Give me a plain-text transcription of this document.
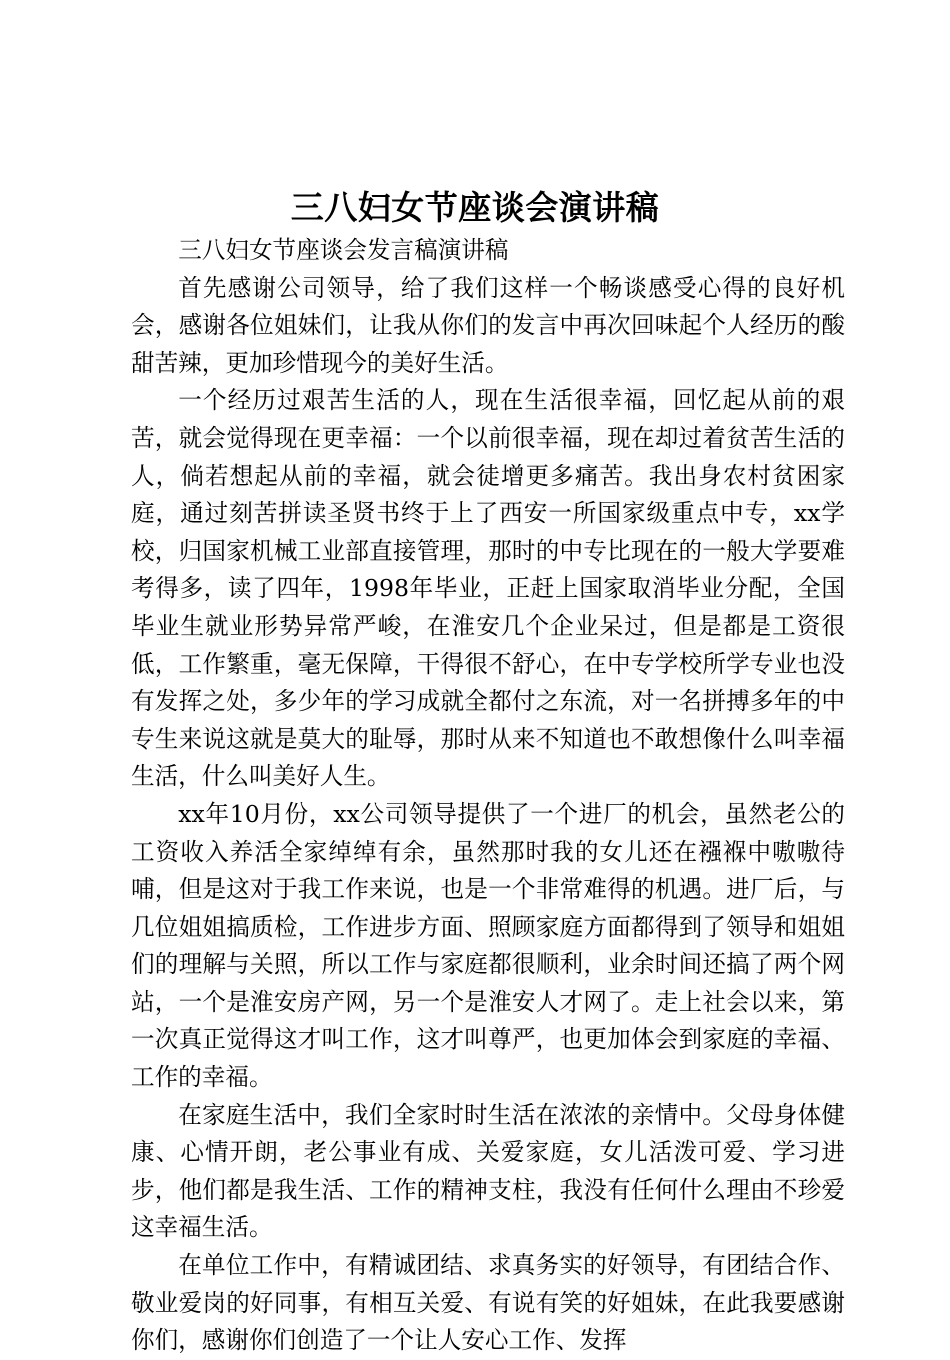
三八妇女节座谈会演讲稿

三八妇女节座谈会发言稿演讲稿

首先感谢公司领导，给了我们这样一个畅谈感受心得的良好机会，感谢各位姐妹们，让我从你们的发言中再次回味起个人经历的酸甜苦辣，更加珍惜现今的美好生活。

一个经历过艰苦生活的人，现在生活很幸福，回忆起从前的艰苦，就会觉得现在更幸福：一个以前很幸福，现在却过着贫苦生活的人，倘若想起从前的幸福，就会徒增更多痛苦。我出身农村贫困家庭，通过刻苦拼读圣贤书终于上了西安一所国家级重点中专，xx学校，归国家机械工业部直接管理，那时的中专比现在的一般大学要难考得多，读了四年，1998年毕业，正赶上国家取消毕业分配，全国毕业生就业形势异常严峻，在淮安几个企业呆过，但是都是工资很低，工作繁重，毫无保障，干得很不舒心，在中专学校所学专业也没有发挥之处，多少年的学习成就全都付之东流，对一名拼搏多年的中专生来说这就是莫大的耻辱，那时从来不知道也不敢想像什么叫幸福生活，什么叫美好人生。

xx年10月份，xx公司领导提供了一个进厂的机会，虽然老公的工资收入养活全家绰绰有余，虽然那时我的女儿还在襁褓中嗷嗷待哺，但是这对于我工作来说，也是一个非常难得的机遇。进厂后，与几位姐姐搞质检，工作进步方面、照顾家庭方面都得到了领导和姐姐们的理解与关照，所以工作与家庭都很顺利，业余时间还搞了两个网站，一个是淮安房产网，另一个是淮安人才网了。走上社会以来，第一次真正觉得这才叫工作，这才叫尊严，也更加体会到家庭的幸福、工作的幸福。

在家庭生活中，我们全家时时生活在浓浓的亲情中。父母身体健康、心情开朗，老公事业有成、关爱家庭，女儿活泼可爱、学习进步，他们都是我生活、工作的精神支柱，我没有任何什么理由不珍爱这幸福生活。

在单位工作中，有精诚团结、求真务实的好领导，有团结合作、敬业爱岗的好同事，有相互关爱、有说有笑的好姐妹，在此我要感谢你们，感谢你们创造了一个让人安心工作、发挥
